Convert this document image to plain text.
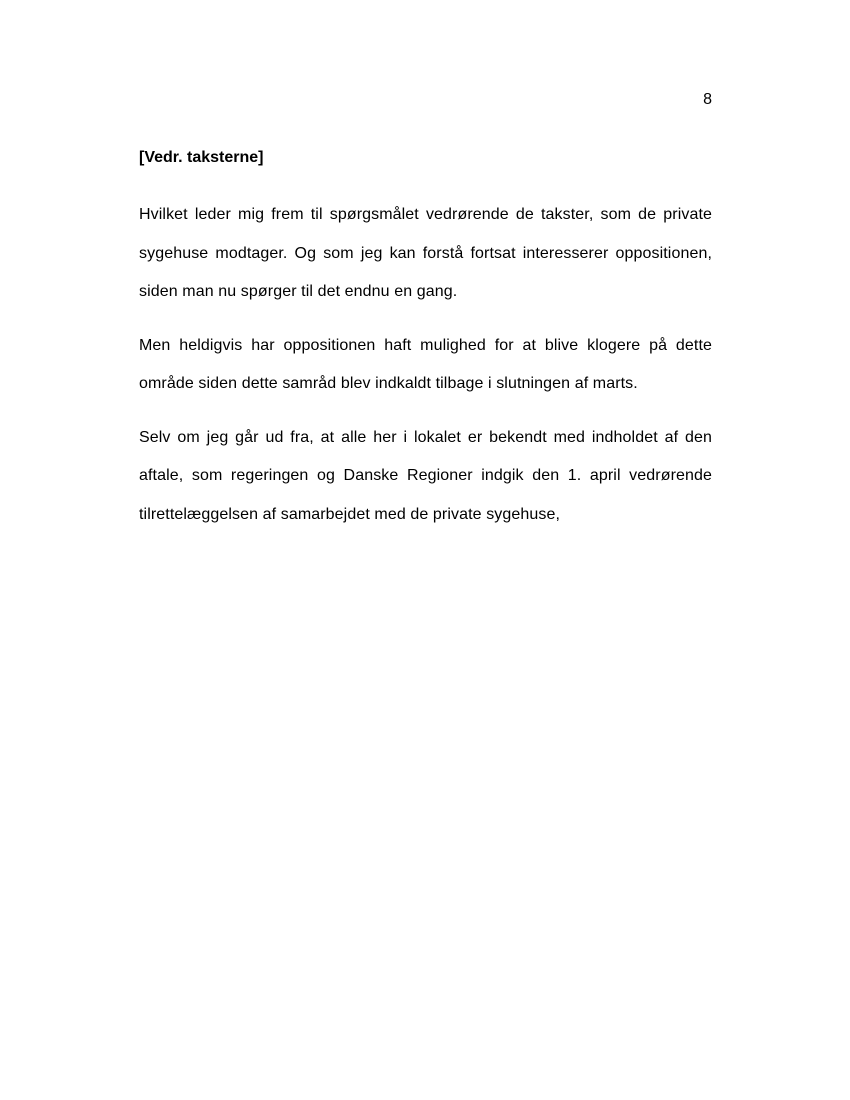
8
[Vedr. taksterne]

Hvilket leder mig frem til spørgsmålet vedrørende de takster, som de private sygehuse modtager. Og som jeg kan forstå fortsat interesserer oppositionen, siden man nu spørger til det endnu en gang.

Men heldigvis har oppositionen haft mulighed for at blive klogere på dette område siden dette samråd blev indkaldt tilbage i slutningen af marts.

Selv om jeg går ud fra, at alle her i lokalet er bekendt med indholdet af den aftale, som regeringen og Danske Regioner indgik den 1. april vedrørende tilrettelæggelsen af samarbejdet med de private sygehuse,
